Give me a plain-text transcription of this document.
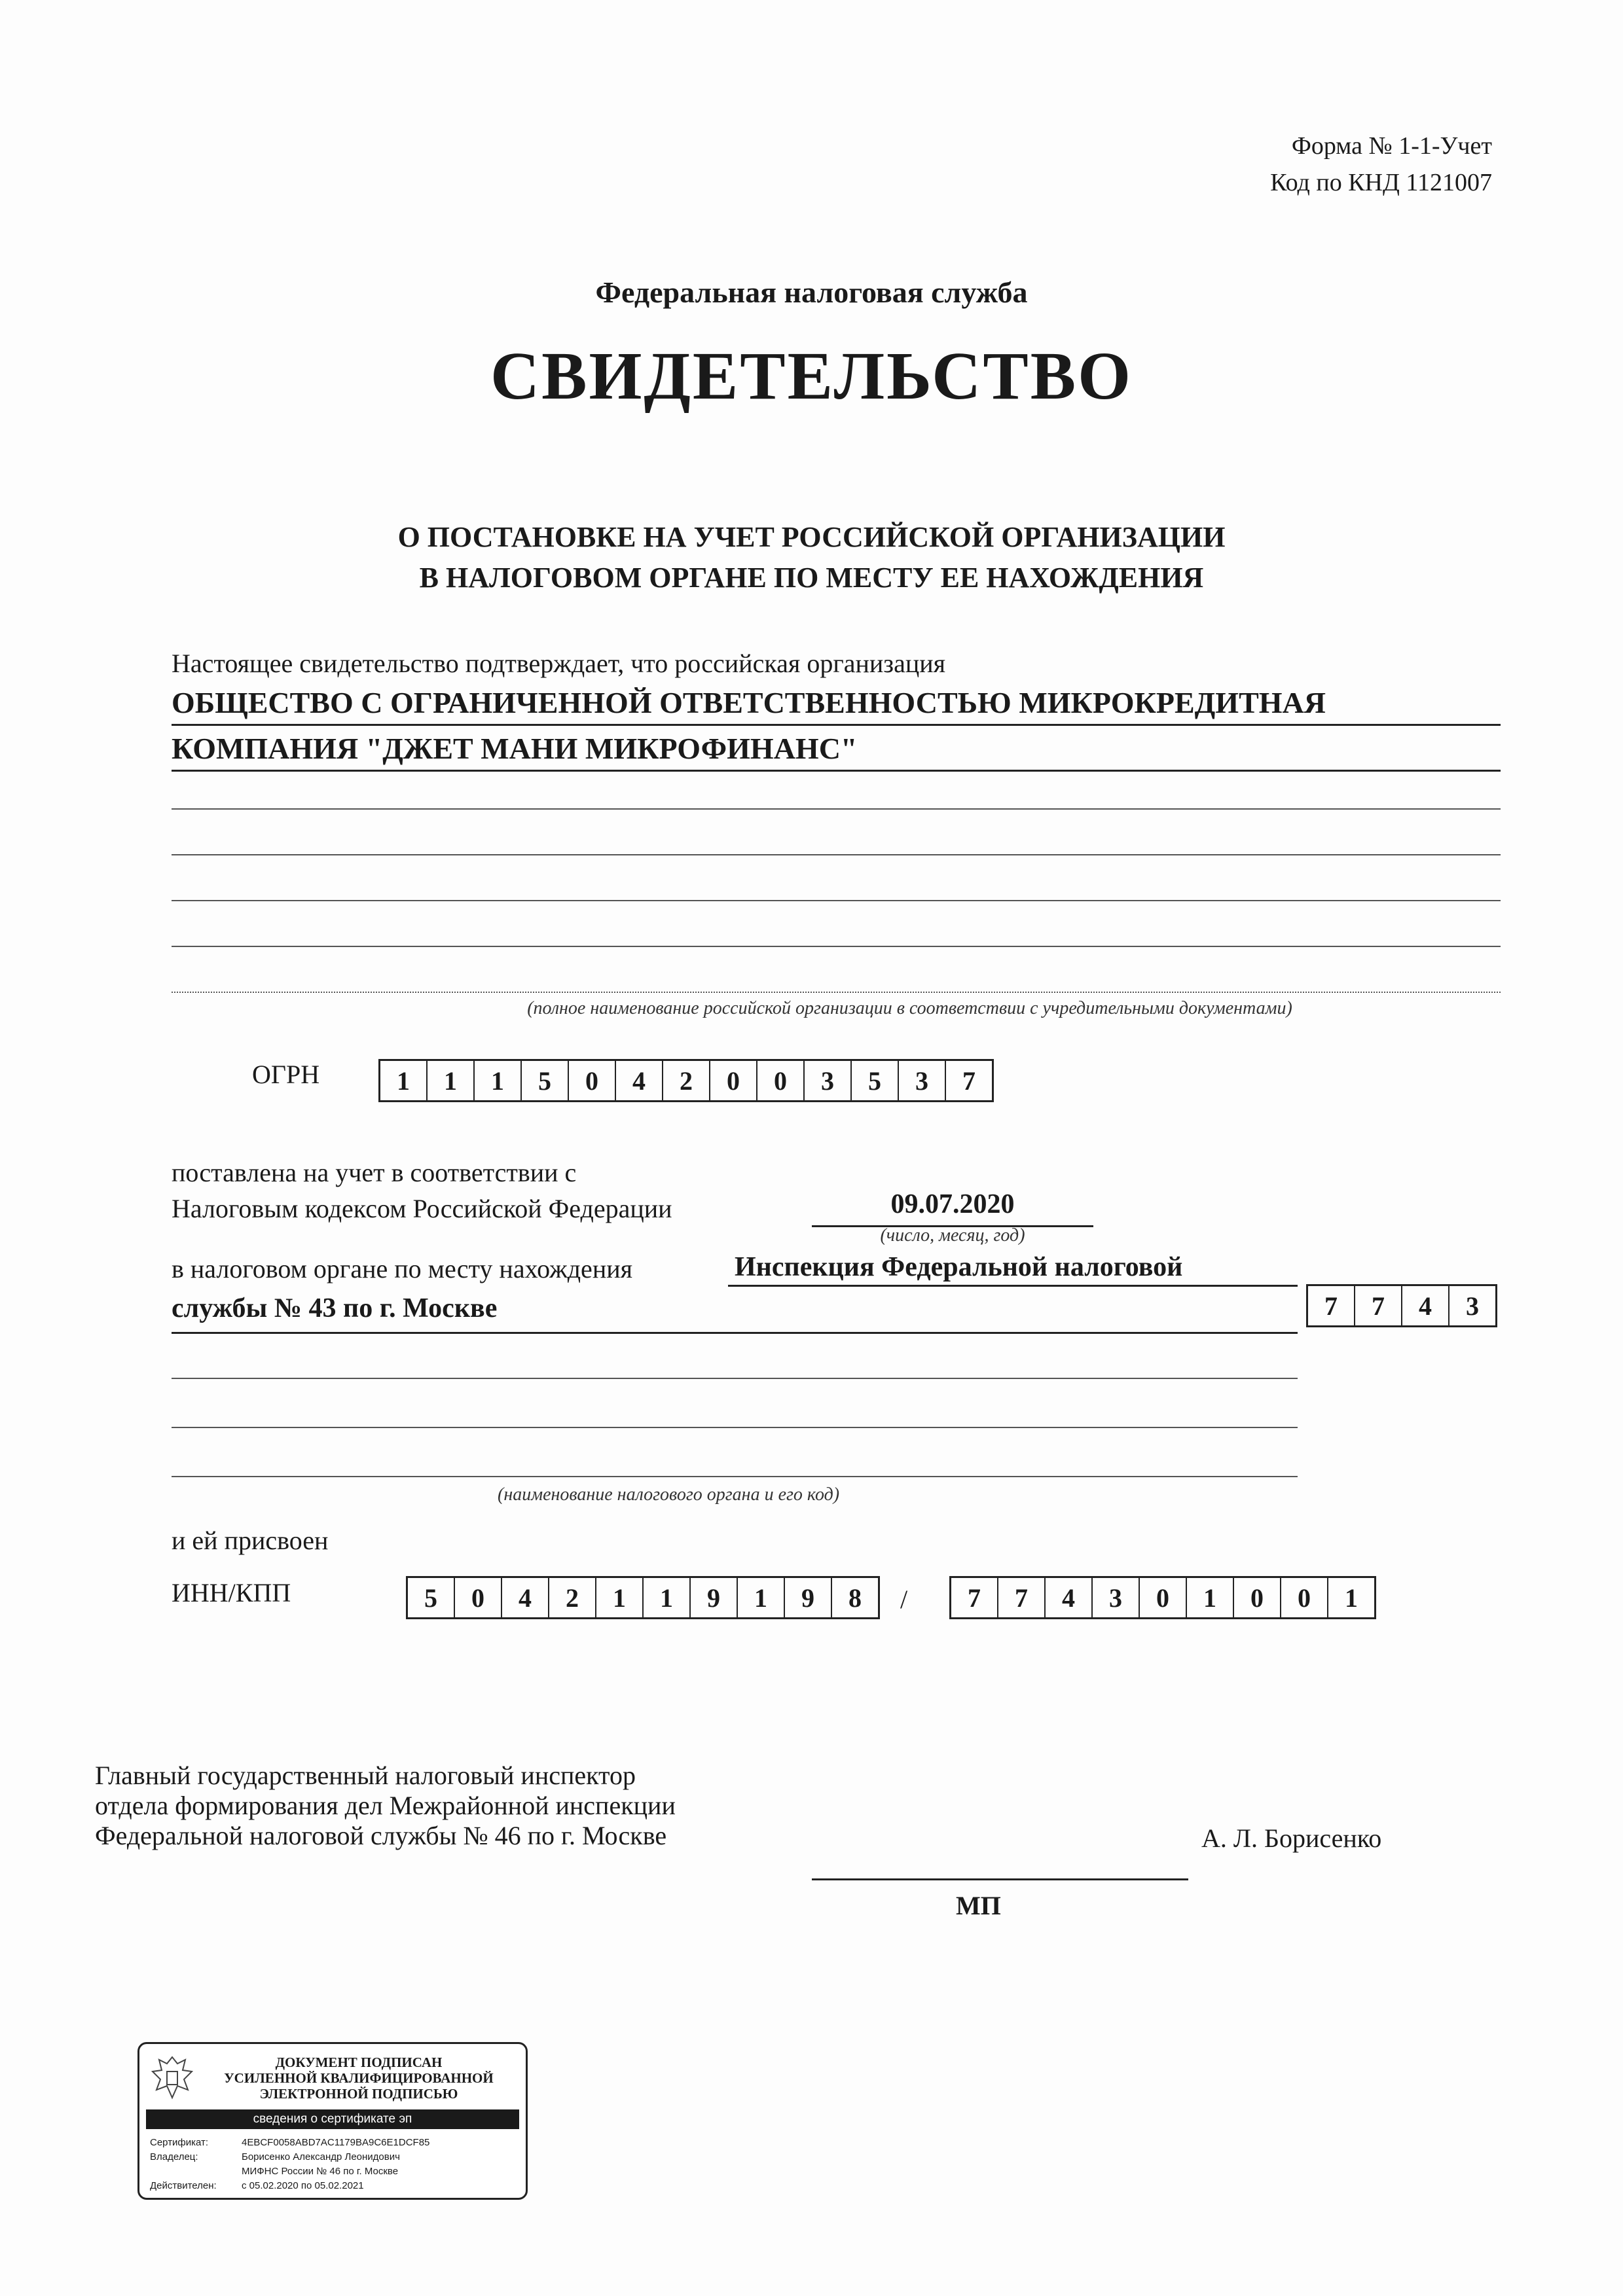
Форма № 1-1-Учет
Код по КНД 1121007
Федеральная налоговая служба
СВИДЕТЕЛЬСТВО
О ПОСТАНОВКЕ НА УЧЕТ РОССИЙСКОЙ ОРГАНИЗАЦИИ
В НАЛОГОВОМ ОРГАНЕ ПО МЕСТУ ЕЕ НАХОЖДЕНИЯ
Настоящее свидетельство подтверждает, что российская организация
ОБЩЕСТВО С ОГРАНИЧЕННОЙ ОТВЕТСТВЕННОСТЬЮ МИКРОКРЕДИТНАЯ
КОМПАНИЯ "ДЖЕТ МАНИ МИКРОФИНАНС"
(полное наименование российской организации в соответствии с учредительными документами)
ОГРН	1	1	1	5	0	4	2	0	0	3	5	3	7
поставлена на учет в соответствии с
Налоговым кодексом Российской Федерации	09.07.2020
(число, месяц, год)
в налоговом органе по месту нахождения	Инспекция Федеральной налоговой
службы № 43 по г. Москве	7	7	4	3
(наименование налогового органа и его код)
и ей присвоен
ИНН/КПП	5	0	4	2	1	1	9	1	9	8	/	7	7	4	3	0	1	0	0	1
Главный государственный налоговый инспектор
отдела формирования дел Межрайонной инспекции
Федеральной налоговой службы № 46 по г. Москве	А. Л. Борисенко
МП
ДОКУМЕНТ ПОДПИСАН
УСИЛЕННОЙ КВАЛИФИЦИРОВАННОЙ
ЭЛЕКТРОННОЙ ПОДПИСЬЮ
сведения о сертификате эп
Сертификат:	4EBCF0058ABD7AC1179BA9C6E1DCF85
Владелец:	Борисенко Александр Леонидович
МИФНС России № 46 по г. Москве
Действителен:	с 05.02.2020 по 05.02.2021
